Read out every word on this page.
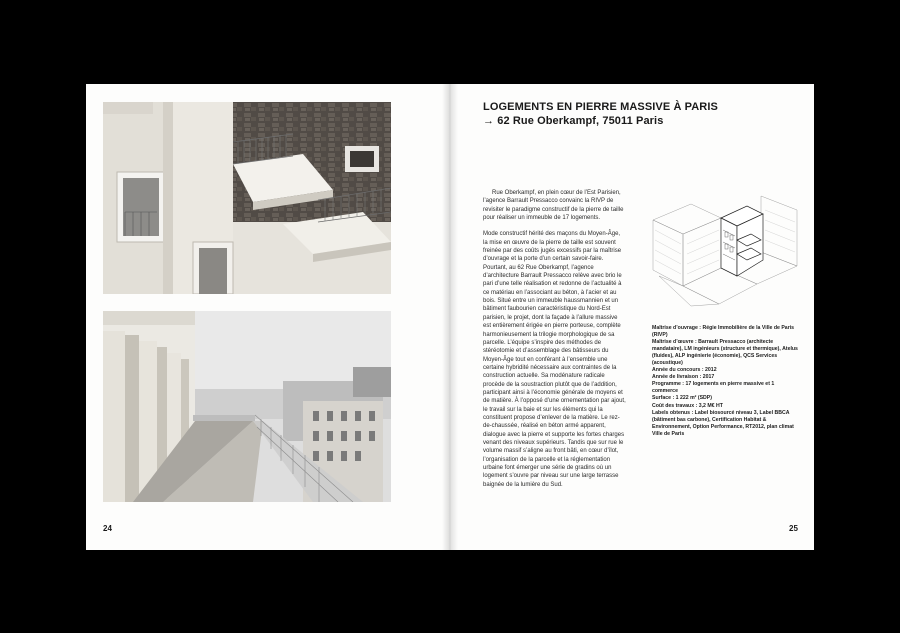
24	25
LOGEMENTS EN PIERRE MASSIVE À PARIS
→ 62 Rue Oberkampf, 75011 Paris

Rue Oberkampf, en plein cœur de l’Est Parisien, l’agence Barrault Pressacco convainc la RIVP de revisiter le paradigme constructif de la pierre de taille pour réaliser un immeuble de 17 logements.

Mode constructif hérité des maçons du Moyen-Âge, la mise en œuvre de la pierre de taille est souvent freinée par des coûts jugés excessifs par la maîtrise d’ouvrage et la porte d’un certain savoir-faire. Pourtant, au 62 Rue Oberkampf, l’agence d’architecture Barrault Pressacco relève avec brio le pari d’une telle réalisation et redonne de l’actualité à ce matériau en l’associant au béton, à l’acier et au bois. Situé entre un immeuble haussmannien et un bâtiment faubourien caractéristique du Nord-Est parisien, le projet, dont la façade à l’allure massive est entièrement érigée en pierre porteuse, complète harmonieusement la trilogie morphologique de sa parcelle. L’équipe s’inspire des méthodes de stéréotomie et d’assemblage des bâtisseurs du Moyen-Âge tout en conférant à l’ensemble une certaine hybridité nécessaire aux contraintes de la construction actuelle. Sa modénature radicale procède de la soustraction plutôt que de l’addition, participant ainsi à l’économie générale de moyens et de matière. À l’opposé d’une ornementation par ajout, le travail sur la baie et sur les éléments qui la constituent propose d’enlever de la matière. Le rez-de-chaussée, réalisé en béton armé apparent, dialogue avec la pierre et supporte les fortes charges venant des niveaux supérieurs. Tandis que sur rue le volume massif s’aligne au front bâti, en cœur d’îlot, l’organisation de la parcelle et la réglementation urbaine font émerger une série de gradins où un logement s’ouvre par niveau sur une large terrasse baignée de la lumière du Sud.

Maîtrise d’ouvrage : Régie Immobilière de la Ville de Paris (RIVP)
Maîtrise d’œuvre : Barrault Pressacco (architecte mandataire), LM ingénieurs (structure et thermique), Atelus (fluides), ALP ingénierie (économie), QCS Services (acoustique)
Année du concours : 2012
Année de livraison : 2017
Programme : 17 logements en pierre massive et 1 commerce
Surface : 1 222 m² (SDP)
Coût des travaux : 3,2 M€ HT
Labels obtenus : Label biosourcé niveau 3, Label BBCA (bâtiment bas carbone), Certification Habitat & Environnement, Option Performance, RT2012, plan climat Ville de Paris
